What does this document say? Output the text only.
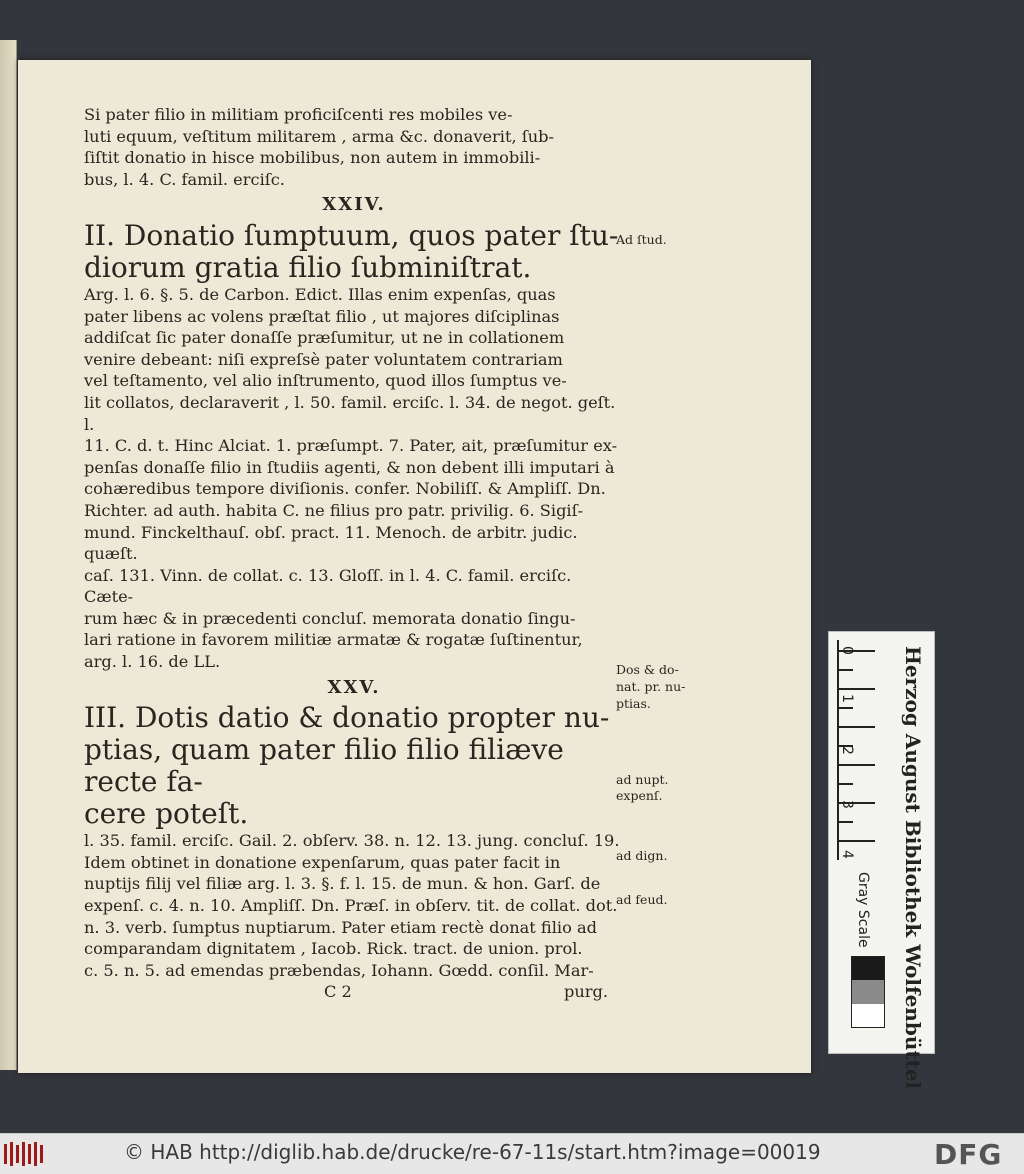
Si pater filio in militiam proficiſcenti res mobiles ve-

luti equum, veſtitum militarem , arma &c. donaverit, ſub-

ſiſtit donatio in hisce mobilibus, non autem in immobili-

bus, l. 4. C. famil. erciſc.

XXIV.

II. Donatio ſumptuum, quos pater ſtu-

diorum gratia filio ſubminiſtrat.

Arg. l. 6. §. 5. de Carbon. Edict. Illas enim expenſas, quas

pater libens ac volens præſtat filio , ut majores diſciplinas

addiſcat ſic pater donaſſe præſumitur, ut ne in collationem

venire debeant: niſi expreſsè pater voluntatem contrariam

vel teſtamento, vel alio inſtrumento, quod illos ſumptus ve-

lit collatos, declaraverit , l. 50. famil. erciſc. l. 34. de negot. geſt. l.

11. C. d. t. Hinc Alciat. 1. præſumpt. 7. Pater, ait, præſumitur ex-

penſas donaſſe filio in ſtudiis agenti, & non debent illi imputari à

cohæredibus tempore diviſionis. confer. Nobiliſſ. & Ampliſſ. Dn.

Richter. ad auth. habita C. ne filius pro patr. privilig. 6. Sigiſ-

mund. Finckelthauſ. obſ. pract. 11. Menoch. de arbitr. judic. quæſt.

caſ. 131. Vinn. de collat. c. 13. Gloſſ. in l. 4. C. famil. erciſc. Cæte-

rum hæc & in præcedenti concluſ. memorata donatio ſingu-

lari ratione in favorem militiæ armatæ & rogatæ ſuſtinentur,

arg. l. 16. de LL.

XXV.

III. Dotis datio & donatio propter nu-

ptias, quam pater filio filio filiæve recte fa-

cere poteſt.

l. 35. famil. erciſc. Gail. 2. obſerv. 38. n. 12. 13. jung. concluſ. 19.

Idem obtinet in donatione expenſarum, quas pater facit in

nuptijs filij vel filiæ arg. l. 3. §. f. l. 15. de mun. & hon. Garſ. de

expenſ. c. 4. n. 10. Ampliſſ. Dn. Præſ. in obſerv. tit. de collat. dot.

n. 3. verb. ſumptus nuptiarum. Pater etiam rectè donat filio ad

comparandam dignitatem , Iacob. Rick. tract. de union. prol.

c. 5. n. 5. ad emendas præbendas, Iohann. Gœdd. conſil. Mar-

C 2	purg.

Ad ſtud.
Dos & do-
nat. pr. nu-
ptias.
ad nupt.
expenſ.
ad dign.
ad feud.
0
1
2
3
4 Herzog August Bibliothek Wolfenbüttel
Gray Scale
© HAB http://diglib.hab.de/drucke/re-67-11s/start.htm?image=00019	DFG
